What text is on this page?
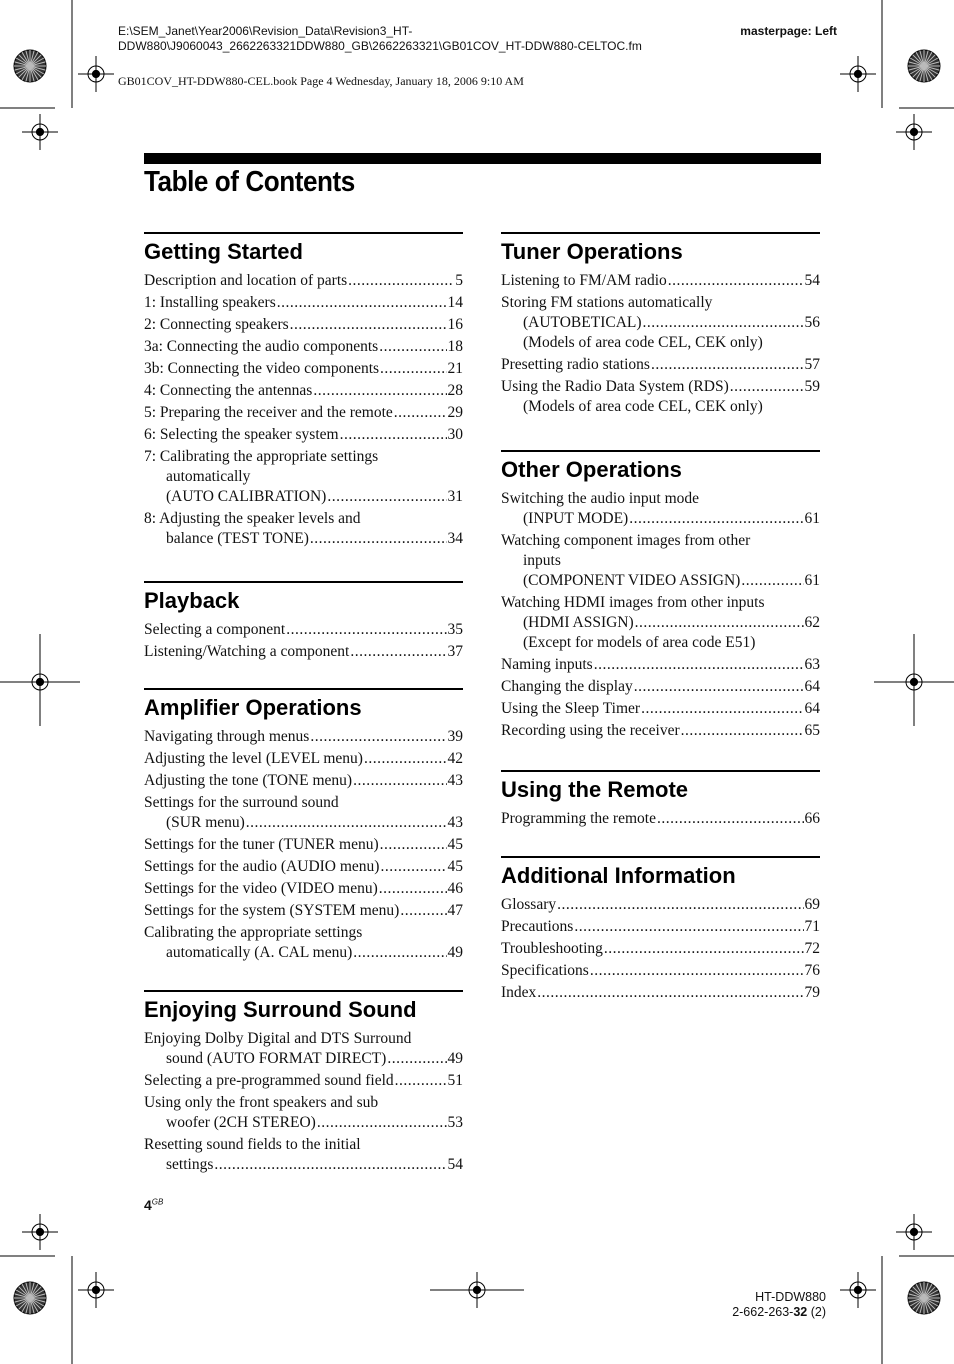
E:\SEM_Janet\Year2006\Revision_Data\Revision3_HT-
DDW880\J9060043_2662263321DDW880_GB\2662263321\GB01COV_HT-DDW880-CELTOC.fm
masterpage: Left
GB01COV_HT-DDW880-CEL.book Page 4 Wednesday, January 18, 2006 9:10 AM
Table of Contents
Getting Started
Description and location of parts .....	5
1: Installing speakers .....	14
2: Connecting speakers .....	16
3a: Connecting the audio components .....	18
3b: Connecting the video components .....	21
4: Connecting the antennas .....	28
5: Preparing the receiver and the remote .....	29
6: Selecting the speaker system .....	30
7: Calibrating the appropriate settings
automatically
(AUTO CALIBRATION) .....	31
8: Adjusting the speaker levels and
balance (TEST TONE) .....	34
Playback
Selecting a component .....	35
Listening/Watching a component .....	37
Amplifier Operations
Navigating through menus .....	39
Adjusting the level (LEVEL menu) .....	42
Adjusting the tone (TONE menu) .....	43
Settings for the surround sound
(SUR menu) .....	43
Settings for the tuner (TUNER menu) .....	45
Settings for the audio (AUDIO menu) .....	45
Settings for the video (VIDEO menu) .....	46
Settings for the system (SYSTEM menu) .....	47
Calibrating the appropriate settings
automatically (A. CAL menu) .....	49
Enjoying Surround Sound
Enjoying Dolby Digital and DTS Surround
sound (AUTO FORMAT DIRECT) .....	49
Selecting a pre-programmed sound field .....	51
Using only the front speakers and sub
woofer (2CH STEREO) .....	53
Resetting sound fields to the initial
settings .....	54
Tuner Operations
Listening to FM/AM radio .....	54
Storing FM stations automatically
(AUTOBETICAL) .....	56
(Models of area code CEL, CEK only)
Presetting radio stations .....	57
Using the Radio Data System (RDS) .....	59
(Models of area code CEL, CEK only)
Other Operations
Switching the audio input mode
(INPUT MODE) .....	61
Watching component images from other
inputs
(COMPONENT VIDEO ASSIGN) .....	61
Watching HDMI images from other inputs
(HDMI ASSIGN) .....	62
(Except for models of area code E51)
Naming inputs .....	63
Changing the display .....	64
Using the Sleep Timer .....	64
Recording using the receiver .....	65
Using the Remote
Programming the remote .....	66
Additional Information
Glossary .....	69
Precautions .....	71
Troubleshooting .....	72
Specifications .....	76
Index .....	79
$4^{GB}$
HT-DDW880
2-662-263-32 (2)
